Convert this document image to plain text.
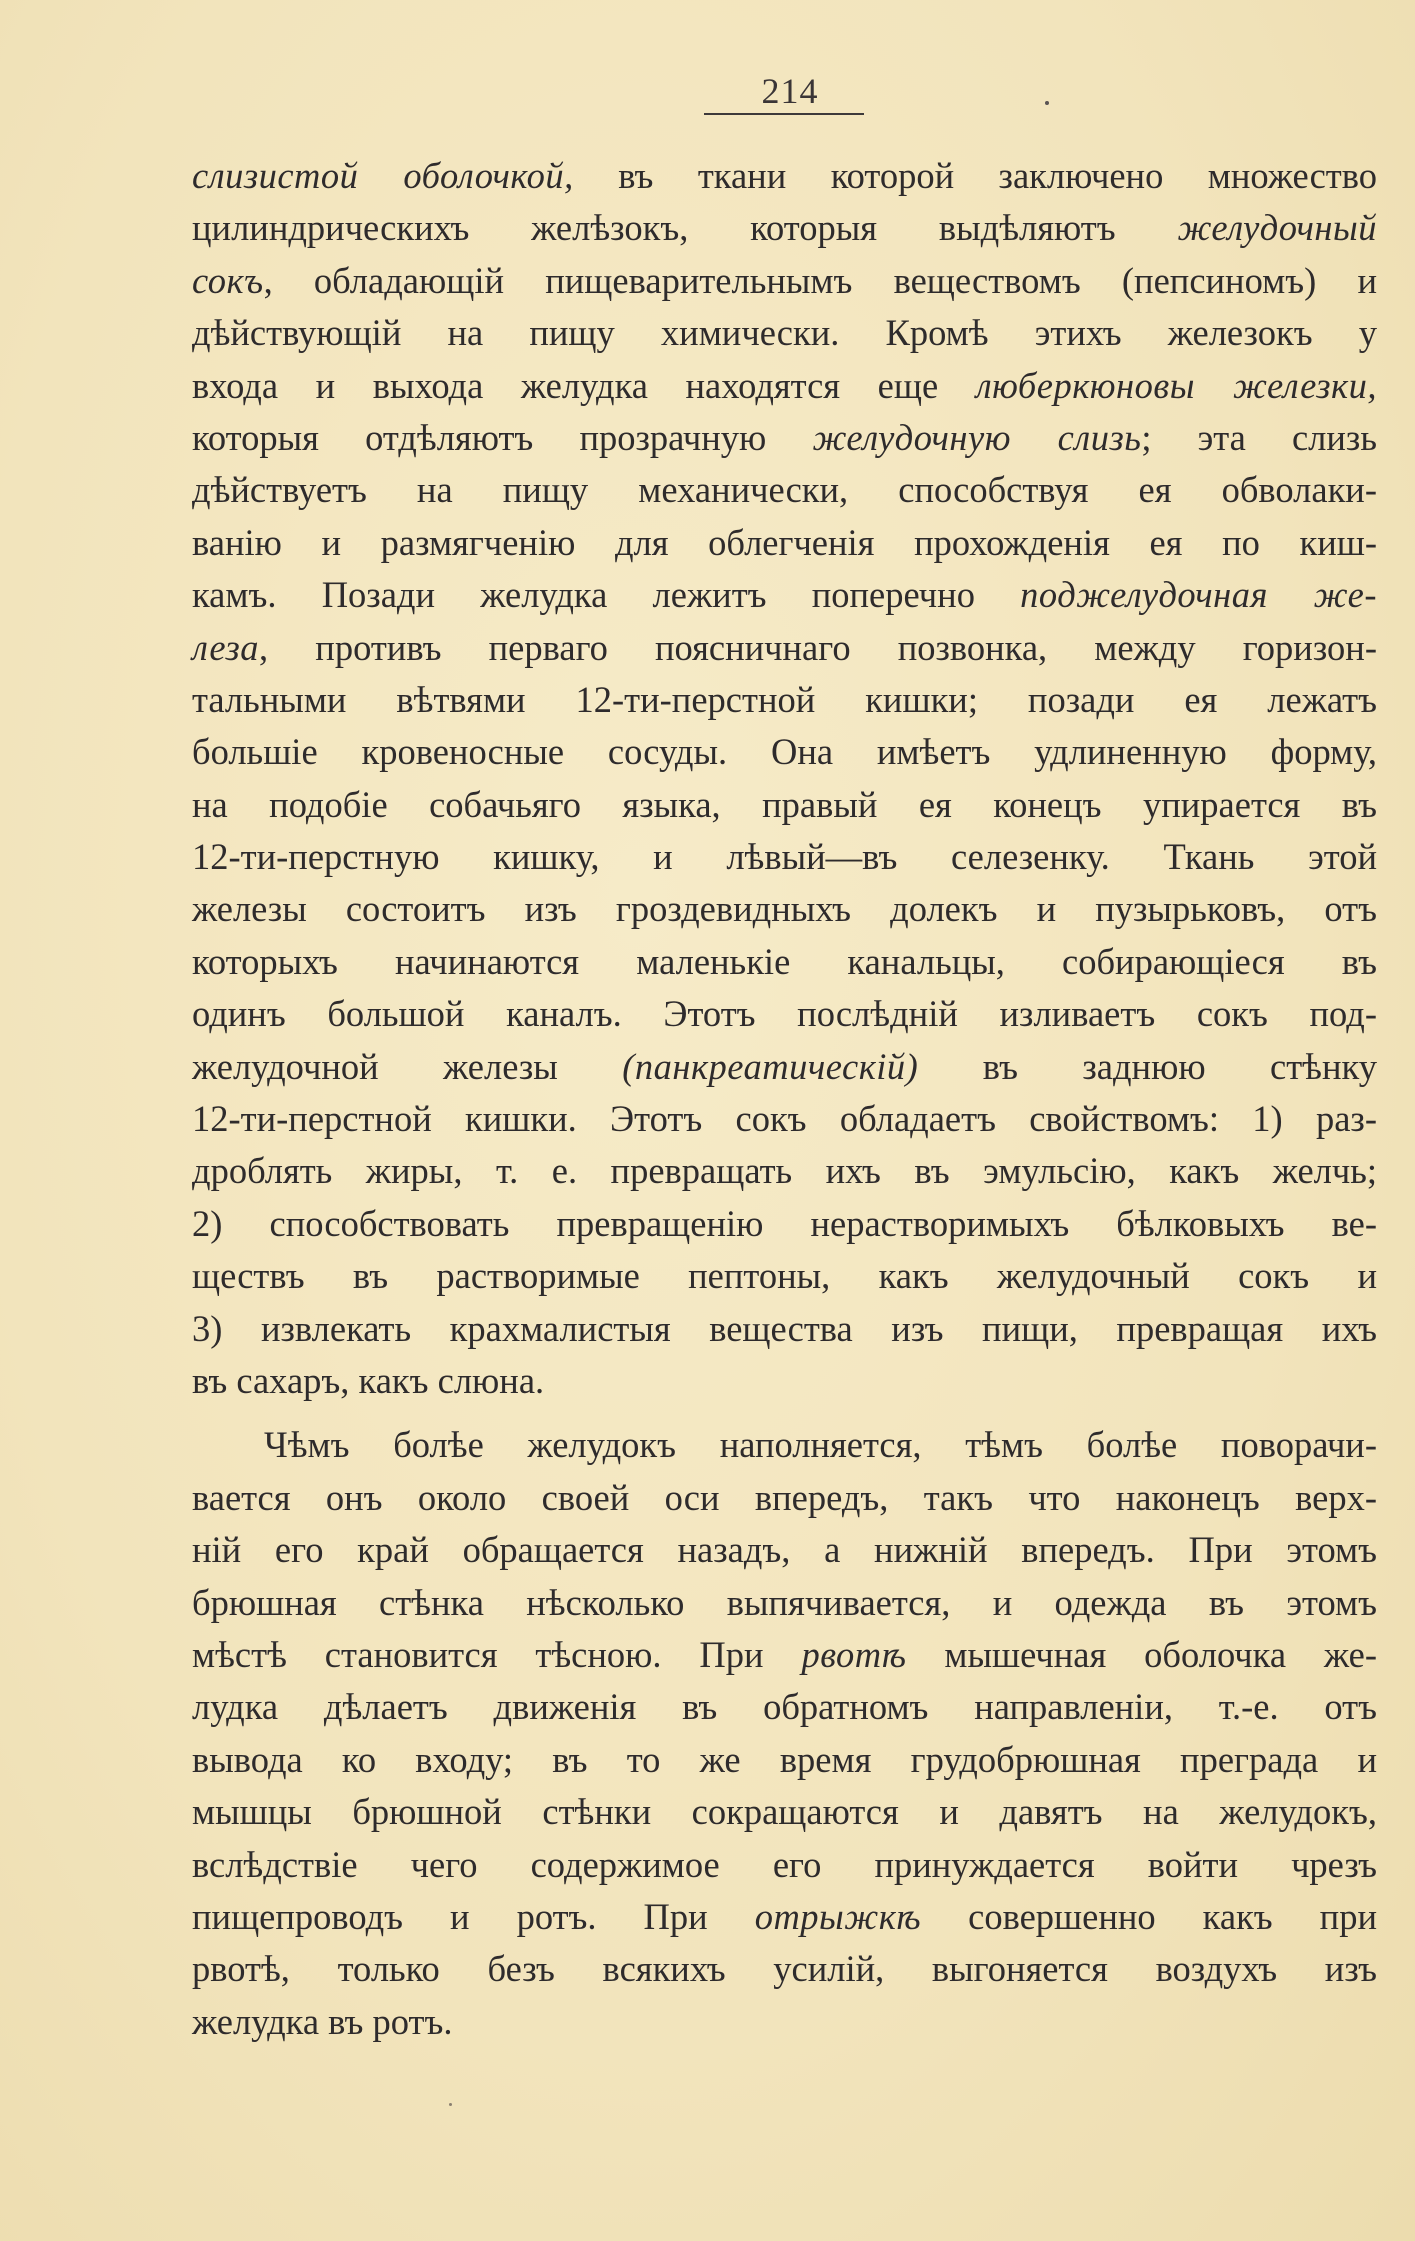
214
слизистой оболочкой, въ ткани которой заключено множество
цилиндрическихъ желѣзокъ, которыя выдѣляютъ желудочный
сокъ, обладающій пищеварительнымъ веществомъ (пепсиномъ) и
дѣйствующій на пищу химически. Кромѣ этихъ железокъ у
входа и выхода желудка находятся еще люберкюновы железки,
которыя отдѣляютъ прозрачную желудочную слизь; эта слизь
дѣйствуетъ на пищу механически, способствуя ея обволаки-
ванію и размягченію для облегченія прохожденія ея по киш-
камъ. Позади желудка лежитъ поперечно поджелудочная же-
леза, противъ перваго поясничнаго позвонка, между горизон-
тальными вѣтвями 12-ти-перстной кишки; позади ея лежатъ
большіе кровеносные сосуды. Она имѣетъ удлиненную форму,
на подобіе собачьяго языка, правый ея конецъ упирается въ
12-ти-перстную кишку, и лѣвый—въ селезенку. Ткань этой
железы состоитъ изъ гроздевидныхъ долекъ и пузырьковъ, отъ
которыхъ начинаются маленькіе канальцы, собирающіеся въ
одинъ большой каналъ. Этотъ послѣдній изливаетъ сокъ под-
желудочной железы (панкреатическій) въ заднюю стѣнку
12-ти-перстной кишки. Этотъ сокъ обладаетъ свойствомъ: 1) раз-
дроблять жиры, т. е. превращать ихъ въ эмульсію, какъ желчь;
2) способствовать превращенію нерастворимыхъ бѣлковыхъ ве-
ществъ въ растворимые пептоны, какъ желудочный сокъ и
3) извлекать крахмалистыя вещества изъ пищи, превращая ихъ
въ сахаръ, какъ слюна.
Чѣмъ болѣе желудокъ наполняется, тѣмъ болѣе поворачи-
вается онъ около своей оси впередъ, такъ что наконецъ верх-
ній его край обращается назадъ, а нижній впередъ. При этомъ
брюшная стѣнка нѣсколько выпячивается, и одежда въ этомъ
мѣстѣ становится тѣсною. При рвотѣ мышечная оболочка же-
лудка дѣлаетъ движенія въ обратномъ направленіи, т.-е. отъ
вывода ко входу; въ то же время грудобрюшная преграда и
мышцы брюшной стѣнки сокращаются и давятъ на желудокъ,
вслѣдствіе чего содержимое его принуждается войти чрезъ
пищепроводъ и ротъ. При отрыжкѣ совершенно какъ при
рвотѣ, только безъ всякихъ усилій, выгоняется воздухъ изъ
желудка въ ротъ.
